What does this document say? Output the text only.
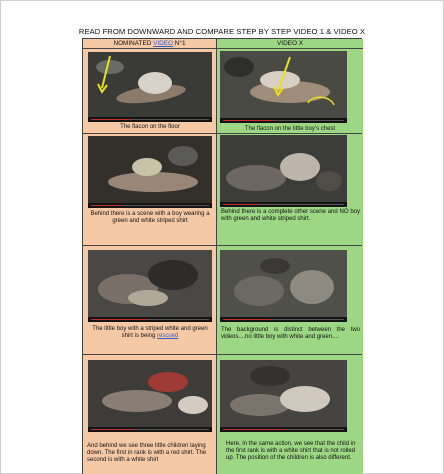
READ FROM DOWNWARD AND COMPARE STEP BY STEP VIDEO 1 & VIDEO X
NOMINATED VIDEO N°1	VIDEO X
The flacon on the floor	The flacon on the little boy's chest
Behind there is a scene with a boy wearing a green and white striped shirt
Behind there is a complete other scene and NO boy with green and white striped shirt.
The little boy with a striped white and green shirt is being rescued
The background is distinct between the two videos....no little boy with white and green....
And behind we see three little children laying down. The first in rank is with a red shirt. The second is with a white shirt
Here, in the same action, we see that the child in the first rank is with a white shirt that is not rolled up. The position of the children is also different.
